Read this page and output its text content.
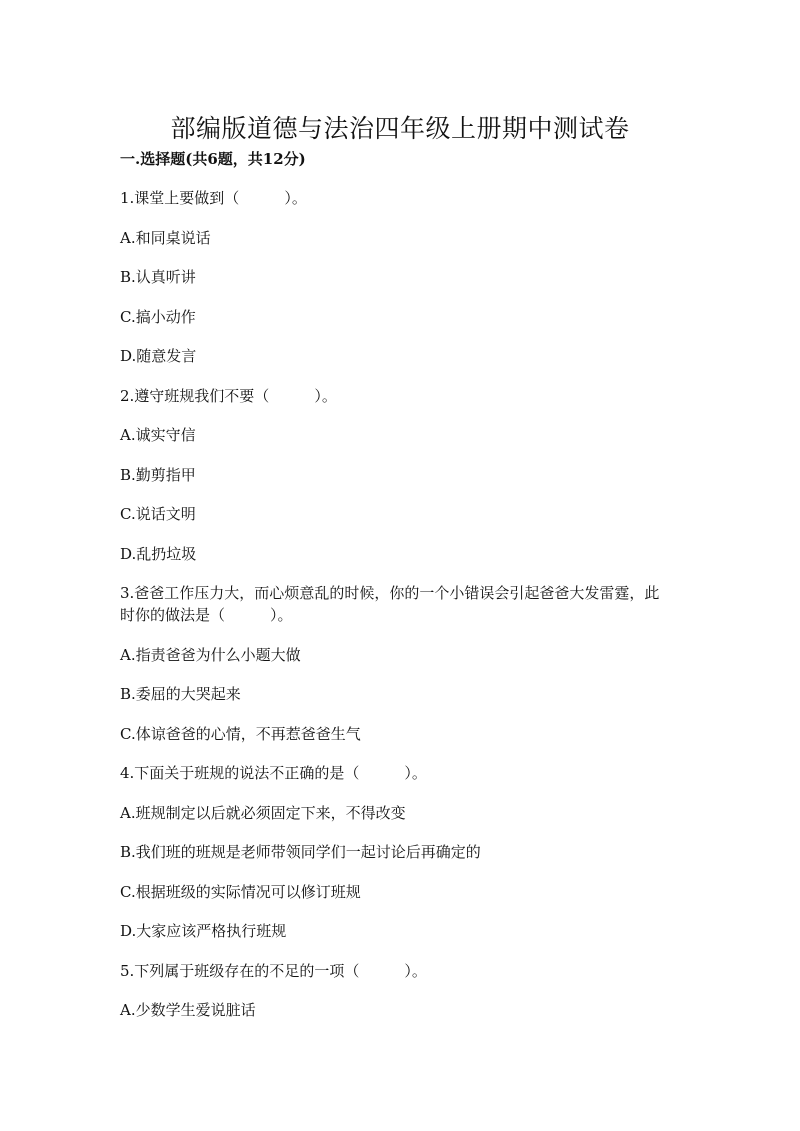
部编版道德与法治四年级上册期中测试卷
一.选择题(共6题，共12分)
1.课堂上要做到（　　　）。
A.和同桌说话
B.认真听讲
C.搞小动作
D.随意发言
2.遵守班规我们不要（　　　）。
A.诚实守信
B.勤剪指甲
C.说话文明
D.乱扔垃圾
3.爸爸工作压力大，而心烦意乱的时候，你的一个小错误会引起爸爸大发雷霆，此时你的做法是（　　　）。
A.指责爸爸为什么小题大做
B.委屈的大哭起来
C.体谅爸爸的心情，不再惹爸爸生气
4.下面关于班规的说法不正确的是（　　　）。
A.班规制定以后就必须固定下来，不得改变
B.我们班的班规是老师带领同学们一起讨论后再确定的
C.根据班级的实际情况可以修订班规
D.大家应该严格执行班规
5.下列属于班级存在的不足的一项（　　　）。
A.少数学生爱说脏话
